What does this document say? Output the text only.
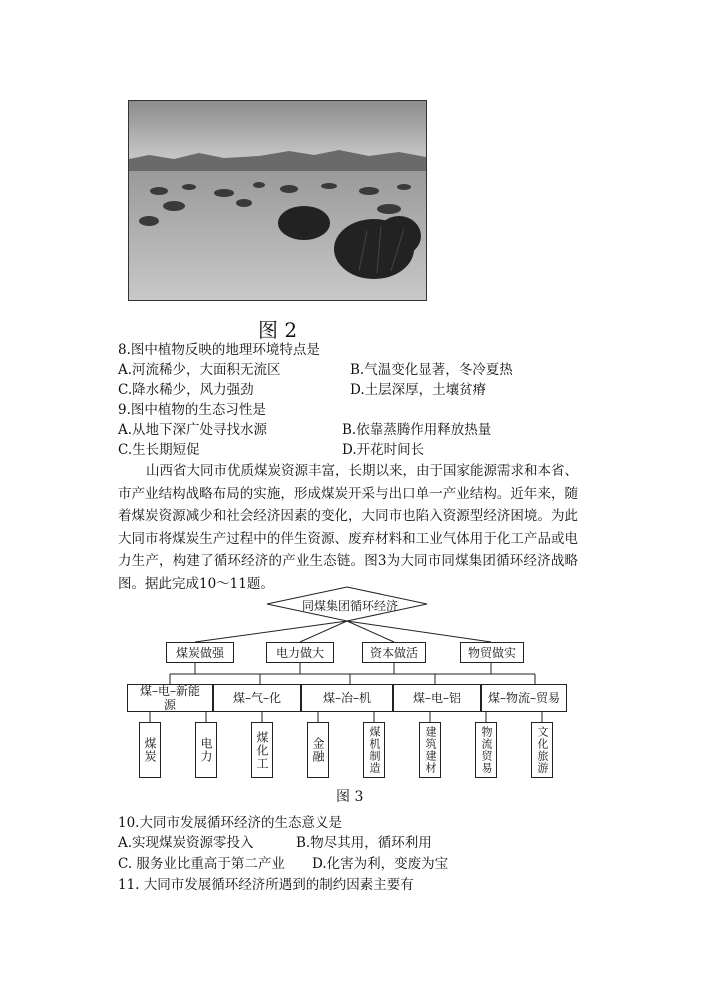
图 2
8.图中植物反映的地理环境特点是
A.河流稀少，大面积无流区	B.气温变化显著，冬冷夏热
C.降水稀少，风力强劲	D.土层深厚，土壤贫瘠
9.图中植物的生态习性是
A.从地下深广处寻找水源	B.依靠蒸腾作用释放热量
C.生长期短促	D.开花时间长
山西省大同市优质煤炭资源丰富，长期以来，由于国家能源需求和本省、市产业结构战略布局的实施，形成煤炭开采与出口单一产业结构。近年来，随着煤炭资源减少和社会经济因素的变化，大同市也陷入资源型经济困境。为此大同市将煤炭生产过程中的伴生资源、废弃材料和工业气体用于化工产品或电力生产，构建了循环经济的产业生态链。图3为大同市同煤集团循环经济战略图。据此完成10～11题。
同煤集团循环经济
煤炭做强	电力做大	资本做活	物贸做实
煤–电–新能源	煤–气–化	煤–冶–机	煤–电–铝	煤–物流–贸易
煤炭	电力	煤化工	金融	煤机制造	建筑建材	物流贸易	文化旅游
图 3
10.大同市发展循环经济的生态意义是
A.实现煤炭资源零投入	B.物尽其用，循环利用
C. 服务业比重高于第二产业 D.化害为利，变废为宝
11. 大同市发展循环经济所遇到的制约因素主要有
